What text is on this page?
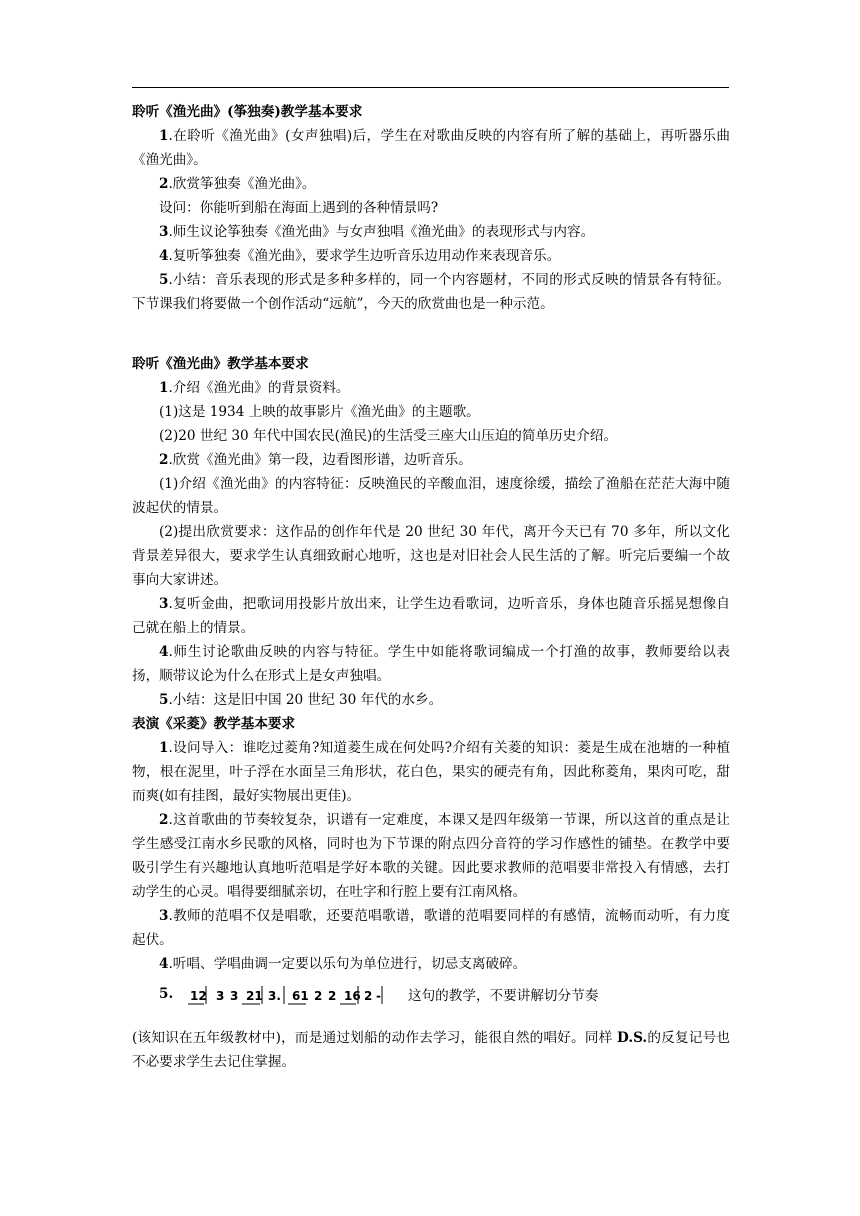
聆听《渔光曲》(筝独奏)教学基本要求

1.在聆听《渔光曲》(女声独唱)后，学生在对歌曲反映的内容有所了解的基础上，再听器乐曲《渔光曲》。

2.欣赏筝独奏《渔光曲》。

设问：你能听到船在海面上遇到的各种情景吗?

3.师生议论筝独奏《渔光曲》与女声独唱《渔光曲》的表现形式与内容。

4.复听筝独奏《渔光曲》，要求学生边听音乐边用动作来表现音乐。

5.小结：音乐表现的形式是多种多样的，同一个内容题材，不同的形式反映的情景各有特征。下节课我们将要做一个创作活动“远航”，今天的欣赏曲也是一种示范。

聆听《渔光曲》教学基本要求

1.介绍《渔光曲》的背景资料。

(1)这是 1934 上映的故事影片《渔光曲》的主题歌。

(2)20 世纪 30 年代中国农民(渔民)的生活受三座大山压迫的简单历史介绍。

2.欣赏《渔光曲》第一段，边看图形谱，边听音乐。

(1)介绍《渔光曲》的内容特征：反映渔民的辛酸血泪，速度徐缓，描绘了渔船在茫茫大海中随波起伏的情景。

(2)提出欣赏要求：这作品的创作年代是 20 世纪 30 年代，离开今天已有 70 多年，所以文化背景差异很大，要求学生认真细致耐心地听，这也是对旧社会人民生活的了解。听完后要编一个故事向大家讲述。

3.复听金曲，把歌词用投影片放出来，让学生边看歌词，边听音乐，身体也随音乐摇晃想像自己就在船上的情景。

4.师生讨论歌曲反映的内容与特征。学生中如能将歌词编成一个打渔的故事，教师要给以表扬，顺带议论为什么在形式上是女声独唱。

5.小结：这是旧中国 20 世纪 30 年代的水乡。

表演《采菱》教学基本要求

1.设问导入：谁吃过菱角?知道菱生成在何处吗?介绍有关菱的知识：菱是生成在池塘的一种植物，根在泥里，叶子浮在水面呈三角形状，花白色，果实的硬壳有角，因此称菱角，果肉可吃，甜而爽(如有挂图，最好实物展出更佳)。

2.这首歌曲的节奏较复杂，识谱有一定难度，本课又是四年级第一节课，所以这首的重点是让学生感受江南水乡民歌的风格，同时也为下节课的附点四分音符的学习作感性的铺垫。在教学中要吸引学生有兴趣地认真地听范唱是学好本歌的关键。因此要求教师的范唱要非常投入有情感，去打动学生的心灵。唱得要细腻亲切，在吐字和行腔上要有江南风格。

3.教师的范唱不仅是唱歌，还要范唱歌谱，歌谱的范唱要同样的有感情，流畅而动听，有力度起伏。

4.听唱、学唱曲调一定要以乐句为单位进行，切忌支离破碎。

5. 12 3 3 21 3. 61 2 2 16 2 - 这句的教学，不要讲解切分节奏

(该知识在五年级教材中)，而是通过划船的动作去学习，能很自然的唱好。同样 D.S.的反复记号也不必要求学生去记住掌握。
